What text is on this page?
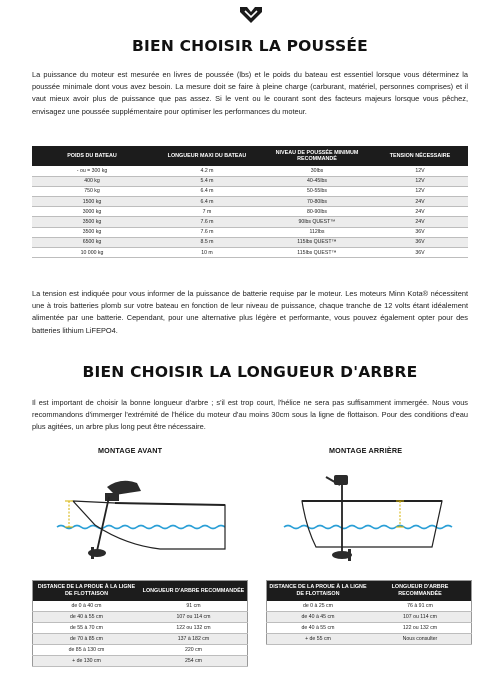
BIEN CHOISIR LA POUSSÉE

La puissance du moteur est mesurée en livres de poussée (lbs) et le poids du bateau est essentiel lorsque vous déterminez la poussée minimale dont vous avez besoin. La mesure doit se faire à pleine charge (carburant, matériel, personnes comprises) et il vaut mieux avoir plus de puissance que pas assez. Si le vent ou le courant sont des facteurs majeurs lorsque vous pêchez, envisagez une poussée supplémentaire pour optimiser les performances du moteur.

POIDS DU BATEAU	LONGUEUR MAXI DU BATEAU	NIVEAU DE POUSSÉE MINIMUM RECOMMANDÉ	TENSION NÉCESSAIRE
- ou = 300 kg	4.2 m	30lbs	12V
400 kg	5.4 m	40-45lbs	12V
750 kg	6.4 m	50-55lbs	12V
1500 kg	6.4 m	70-80lbs	24V
3000 kg	7 m	80-90lbs	24V
3500 kg	7.6 m	90lbs QUEST™	24V
3500 kg	7.6 m	112lbs	36V
6500 kg	8.5 m	115lbs QUEST™	36V
10 000 kg	10 m	115lbs QUEST™	36V

La tension est indiquée pour vous informer de la puissance de batterie requise par le moteur. Les moteurs Minn Kota® nécessitent une à trois batteries plomb sur votre bateau en fonction de leur niveau de puissance, chaque tranche de 12 volts étant idéalement alimentée par une batterie. Cependant, pour une alternative plus légère et performante, vous pouvez également opter pour des batteries lithium LiFEPO4.

BIEN CHOISIR LA LONGUEUR D'ARBRE

Il est important de choisir la bonne longueur d'arbre ; s'il est trop court, l'hélice ne sera pas suffisamment immergée. Nous vous recommandons d'immerger l'extrémité de l'hélice du moteur d'au moins 30cm sous la ligne de flottaison. Pour des conditions d'eau plus agitées, un arbre plus long peut être nécessaire.

MONTAGE AVANT	MONTAGE ARRIÈRE
DISTANCE DE LA PROUE À LA LIGNE DE FLOTTAISON	LONGUEUR D'ARBRE RECOMMANDÉE
de 0 à 40 cm	91 cm
de 40 à 55 cm	107 ou 114 cm
de 55 à 70 cm	122 ou 132 cm
de 70 à 85 cm	137 à 182 cm
de 85 à 130 cm	220 cm
+ de 130 cm	254 cm
DISTANCE DE LA PROUE À LA LIGNE DE FLOTTAISON	LONGUEUR D'ARBRE RECOMMANDÉE
de 0 à 25 cm	76 à 91 cm
de 40 à 45 cm	107 ou 114 cm
de 40 à 55 cm	122 ou 132 cm
+ de 55 cm	Nous consulter
